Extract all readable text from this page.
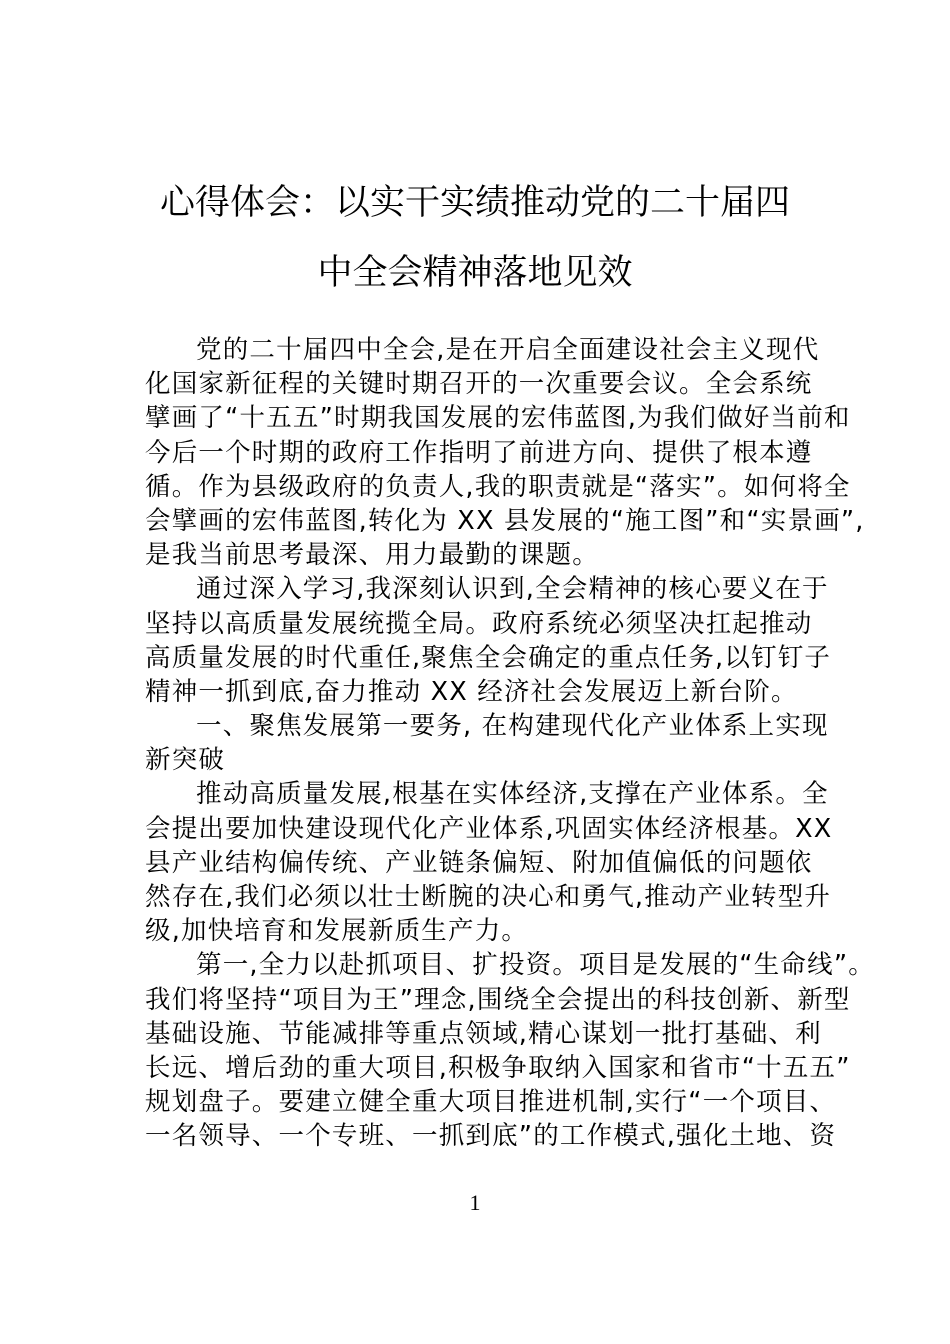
心得体会：以实干实绩推动党的二十届四
中全会精神落地见效
党的二十届四中全会,是在开启全面建设社会主义现代
化国家新征程的关键时期召开的一次重要会议。全会系统
擘画了“十五五”时期我国发展的宏伟蓝图,为我们做好当前和
今后一个时期的政府工作指明了前进方向、提供了根本遵
循。作为县级政府的负责人,我的职责就是“落实”。如何将全
会擘画的宏伟蓝图,转化为 XX 县发展的“施工图”和“实景画”,
是我当前思考最深、用力最勤的课题。
通过深入学习,我深刻认识到,全会精神的核心要义在于
坚持以高质量发展统揽全局。政府系统必须坚决扛起推动
高质量发展的时代重任,聚焦全会确定的重点任务,以钉钉子
精神一抓到底,奋力推动 XX 经济社会发展迈上新台阶。
一、聚焦发展第一要务, 在构建现代化产业体系上实现
新突破
推动高质量发展,根基在实体经济,支撑在产业体系。全
会提出要加快建设现代化产业体系,巩固实体经济根基。XX
县产业结构偏传统、产业链条偏短、附加值偏低的问题依
然存在,我们必须以壮士断腕的决心和勇气,推动产业转型升
级,加快培育和发展新质生产力。
第一,全力以赴抓项目、扩投资。项目是发展的“生命线”。
我们将坚持“项目为王”理念,围绕全会提出的科技创新、新型
基础设施、节能减排等重点领域,精心谋划一批打基础、利
长远、增后劲的重大项目,积极争取纳入国家和省市“十五五”
规划盘子。要建立健全重大项目推进机制,实行“一个项目、
一名领导、一个专班、一抓到底”的工作模式,强化土地、资
1
